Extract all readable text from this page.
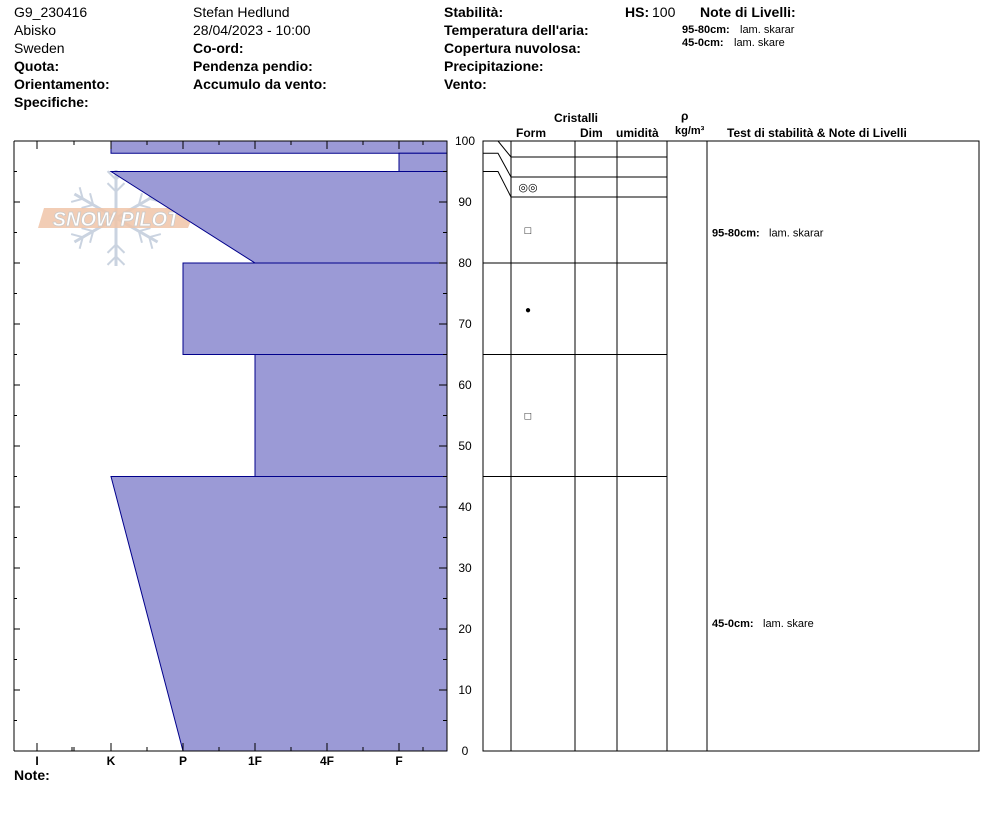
G9_230416
Abisko
Sweden
Quota:
Orientamento:
Specifiche:
Stefan Hedlund
28/04/2023 - 10:00
Co-ord:
Pendenza pendio:
Accumulo da vento:
Stabilità:
Temperatura dell'aria:
Copertura nuvolosa:
Precipitazione:
Vento:
HS: 100 Note di Livelli:
95-80cm: lam. skarar
45-0cm: lam. skare
Cristalli
Form	Dim umidità
ρ
kg/m³ Test di stabilità & Note di Livelli
SNOW PILOT
0
10
20
30
40
50
60
70
80
90
100
I	K	P	1F	4F	F
◎◎
□
●
□
95-80cm: lam. skarar
45-0cm: lam. skare
Note:
